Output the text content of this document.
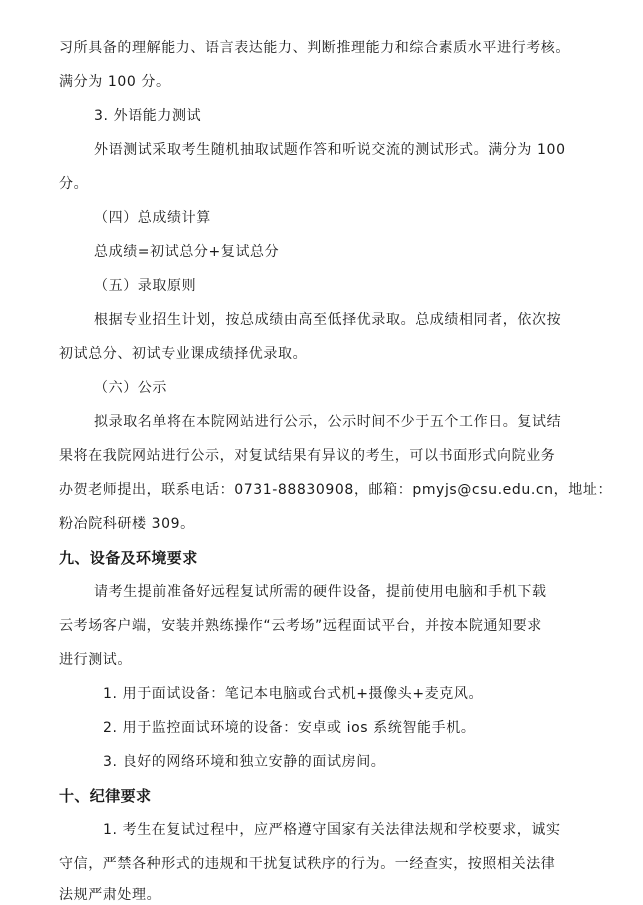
习所具备的理解能力、语言表达能力、判断推理能力和综合素质水平进行考核。
满分为 100 分。
3. 外语能力测试
外语测试采取考生随机抽取试题作答和听说交流的测试形式。满分为 100
分。
（四）总成绩计算
总成绩=初试总分+复试总分
（五）录取原则
根据专业招生计划，按总成绩由高至低择优录取。总成绩相同者，依次按
初试总分、初试专业课成绩择优录取。
（六）公示
拟录取名单将在本院网站进行公示，公示时间不少于五个工作日。复试结
果将在我院网站进行公示，对复试结果有异议的考生，可以书面形式向院业务
办贺老师提出，联系电话：0731-88830908，邮箱：pmyjs@csu.edu.cn，地址：
粉冶院科研楼 309。
九、设备及环境要求
请考生提前准备好远程复试所需的硬件设备，提前使用电脑和手机下载
云考场客户端，安装并熟练操作“云考场”远程面试平台，并按本院通知要求
进行测试。
1. 用于面试设备：笔记本电脑或台式机+摄像头+麦克风。
2. 用于监控面试环境的设备：安卓或 ios 系统智能手机。
3. 良好的网络环境和独立安静的面试房间。
十、纪律要求
1. 考生在复试过程中，应严格遵守国家有关法律法规和学校要求，诚实
守信，严禁各种形式的违规和干扰复试秩序的行为。一经查实，按照相关法律
法规严肃处理。
